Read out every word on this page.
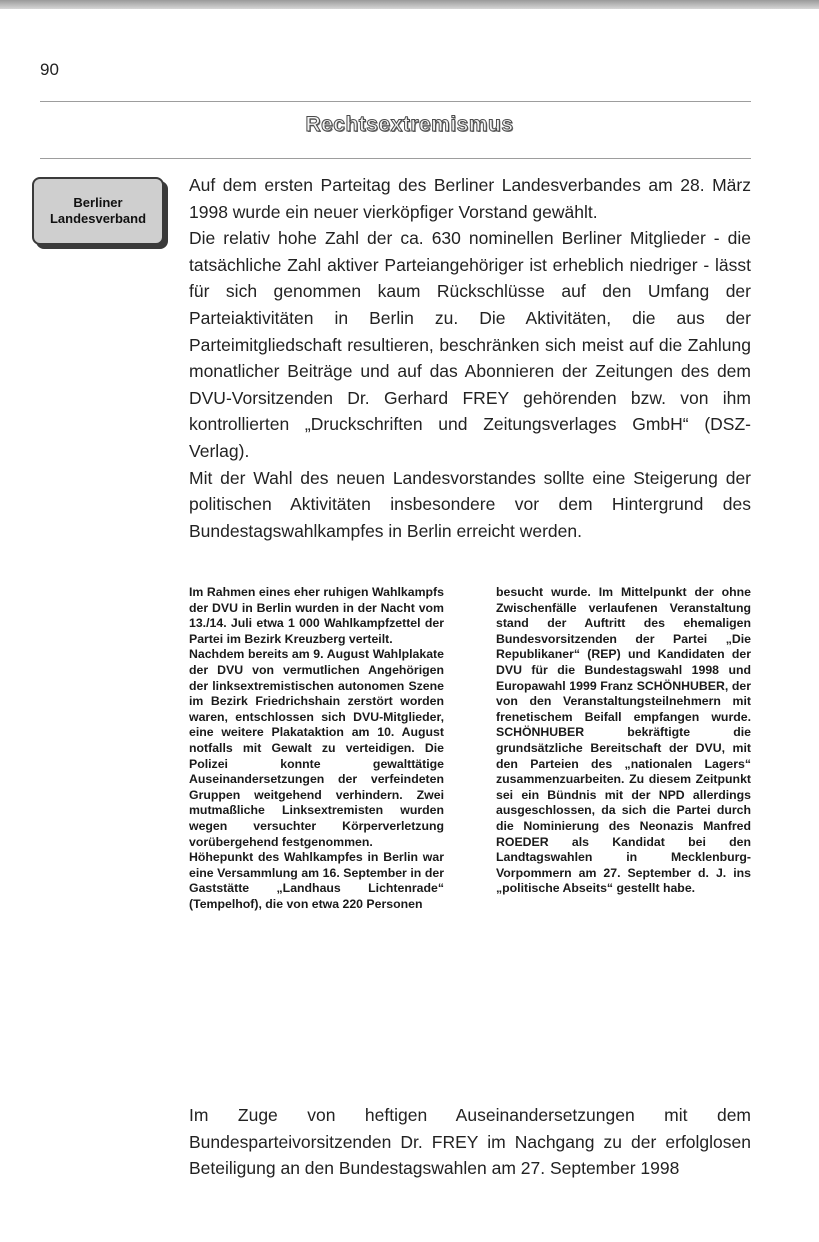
90
Rechtsextremismus
Berliner
Landesverband

Auf dem ersten Parteitag des Berliner Landesverbandes am 28. März 1998 wurde ein neuer vierköpfiger Vorstand gewählt.

Die relativ hohe Zahl der ca. 630 nominellen Berliner Mitglieder - die tatsächliche Zahl aktiver Parteiangehöriger ist erheblich niedriger - lässt für sich genommen kaum Rückschlüsse auf den Umfang der Parteiaktivitäten in Berlin zu. Die Aktivitäten, die aus der Parteimitgliedschaft resultieren, beschränken sich meist auf die Zahlung monatlicher Beiträge und auf das Abonnieren der Zeitungen des dem DVU-Vorsitzenden Dr. Gerhard FREY gehörenden bzw. von ihm kontrollierten „Druckschriften und Zeitungsverlages GmbH“ (DSZ-Verlag).

Mit der Wahl des neuen Landesvorstandes sollte eine Steigerung der politischen Aktivitäten insbesondere vor dem Hintergrund des Bundestagswahlkampfes in Berlin erreicht werden.

Im Rahmen eines eher ruhigen Wahlkampfs der DVU in Berlin wurden in der Nacht vom 13./14. Juli etwa 1 000 Wahlkampfzettel der Partei im Bezirk Kreuzberg verteilt.

Nachdem bereits am 9. August Wahlplakate der DVU von vermutlichen Angehörigen der linksextremistischen autonomen Szene im Bezirk Friedrichshain zerstört worden waren, entschlossen sich DVU-Mitglieder, eine weitere Plakataktion am 10. August notfalls mit Gewalt zu verteidigen. Die Polizei konnte gewalttätige Auseinandersetzungen der verfeindeten Gruppen weitgehend verhindern. Zwei mutmaßliche Linksextremisten wurden wegen versuchter Körperverletzung vorübergehend festgenommen.

Höhepunkt des Wahlkampfes in Berlin war eine Versammlung am 16. September in der Gaststätte „Landhaus Lichtenrade“ (Tempelhof), die von etwa 220 Personen

besucht wurde. Im Mittelpunkt der ohne Zwischenfälle verlaufenen Veranstaltung stand der Auftritt des ehemaligen Bundesvorsitzenden der Partei „Die Republikaner“ (REP) und Kandidaten der DVU für die Bundestagswahl 1998 und Europawahl 1999 Franz SCHÖNHUBER, der von den Veranstaltungsteilnehmern mit frenetischem Beifall empfangen wurde. SCHÖNHUBER bekräftigte die grundsätzliche Bereitschaft der DVU, mit den Parteien des „nationalen Lagers“ zusammenzuarbeiten. Zu diesem Zeitpunkt sei ein Bündnis mit der NPD allerdings ausgeschlossen, da sich die Partei durch die Nominierung des Neonazis Manfred ROEDER als Kandidat bei den Landtagswahlen in Mecklenburg-Vorpommern am 27. September d. J. ins „politische Abseits“ gestellt habe.

Im Zuge von heftigen Auseinandersetzungen mit dem Bundesparteivorsitzenden Dr. FREY im Nachgang zu der erfolglosen Beteiligung an den Bundestagswahlen am 27. September 1998
